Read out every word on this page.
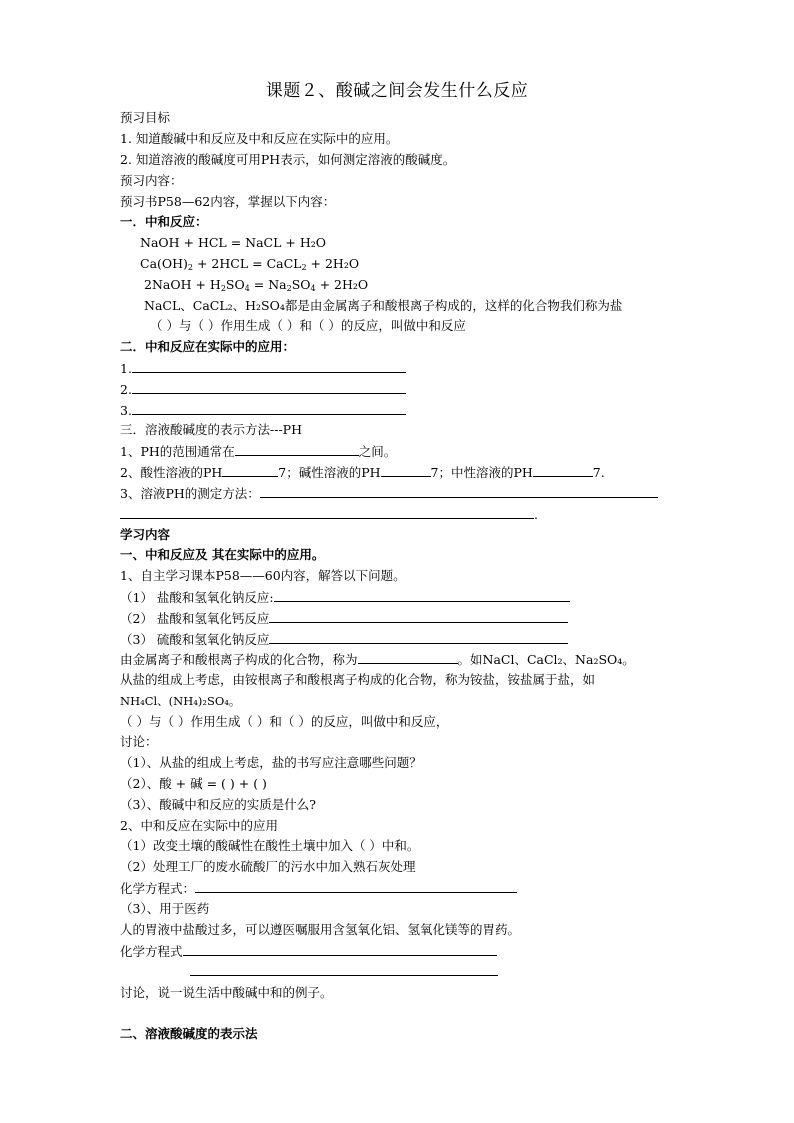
课题２、酸碱之间会发生什么反应
预习目标
1. 知道酸碱中和反应及中和反应在实际中的应用。
2. 知道溶液的酸碱度可用PH表示，如何测定溶液的酸碱度。
预习内容：
预习书P58—62内容，掌握以下内容：
一．中和反应：
NaOH + HCL = NaCL + H₂O
$Ca(OH)_2 + 2HCL$ = CaCL$_2$ + 2H₂O
2NaOH + $H_2SO_4 = Na_2SO_4 + 2H_2O$
NaCL、CaCL₂、H₂SO₄都是由金属离子和酸根离子构成的，这样的化合物我们称为盐
（ ）与（ ）作用生成（ ）和（ ）的反应，叫做中和反应
二．中和反应在实际中的应用：
1.
2.
3.
三．溶液酸碱度的表示方法---PH
1、PH的范围通常在	之间。
2、酸性溶液的PH	7；碱性溶液的PH	7；中性溶液的PH	7.
3、溶液PH的测定方法：
.
学习内容
一、中和反应及 其在实际中的应用。
1、自主学习课本P58——60内容，解答以下问题。
（1） 盐酸和氢氧化钠反应:
（2） 盐酸和氢氧化钙反应
（3） 硫酸和氢氧化钠反应
由金属离子和酸根离子构成的化合物，称为	。如NaCl、CaCl₂、Na₂SO₄。
从盐的组成上考虑，由铵根离子和酸根离子构成的化合物，称为铵盐，铵盐属于盐，如
NH₄Cl、(NH₄)₂SO₄。
（ ）与（ ）作用生成（ ）和（ ）的反应，叫做中和反应，
讨论：
（1）、从盐的组成上考虑，盐的书写应注意哪些问题？
（2）、酸 + 碱 = ( ) + ( )
（3）、酸碱中和反应的实质是什么?
2、中和反应在实际中的应用
（1）改变土壤的酸碱性在酸性土壤中加入（ ）中和。
（2）处理工厂的废水硫酸厂的污水中加入熟石灰处理
化学方程式：
（3）、用于医药
人的胃液中盐酸过多，可以遵医嘱服用含氢氧化铝、氢氧化镁等的胃药。
化学方程式
讨论，说一说生活中酸碱中和的例子。
二、溶液酸碱度的表示法
